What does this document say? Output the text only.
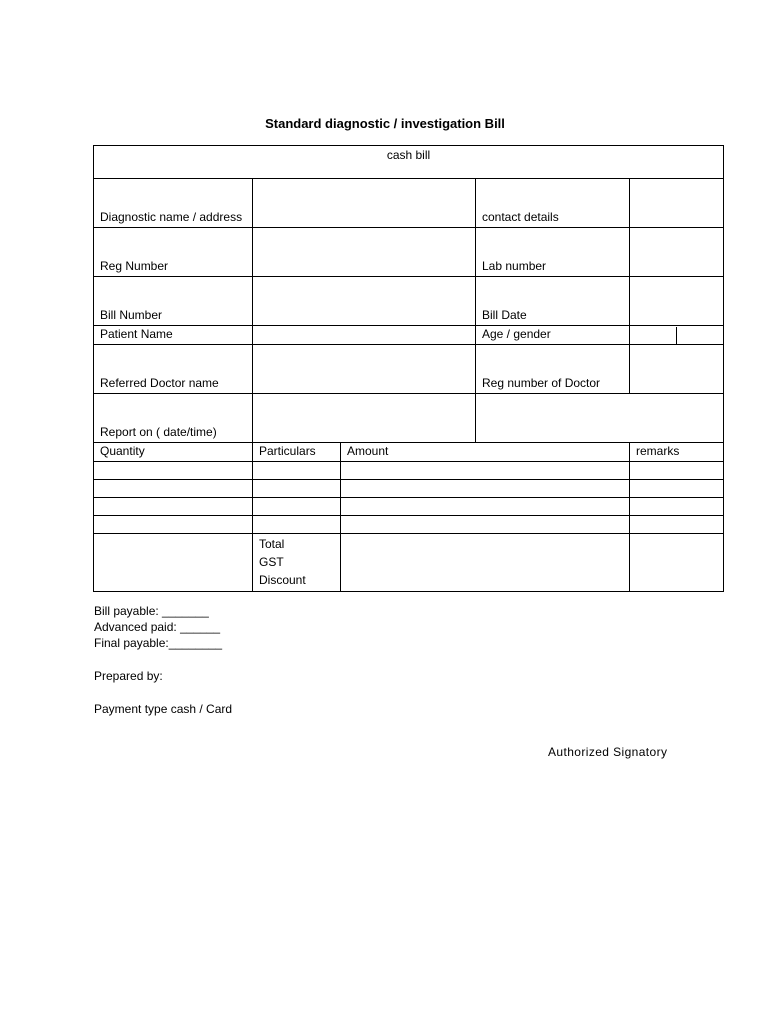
Standard diagnostic / investigation Bill
cash bill				
Diagnostic name / address			contact details	
Reg Number			Lab number	
Bill Number			Bill Date	
Patient Name			Age / gender	

Referred Doctor name			Reg number of Doctor	
Report on ( date/time)				
Quantity	Particulars	Amount		remarks

	Total
GST
Discount			

Bill payable: _______
Advanced paid: ______
Final payable:________
Prepared by:
Payment type cash / Card
Authorized Signatory
